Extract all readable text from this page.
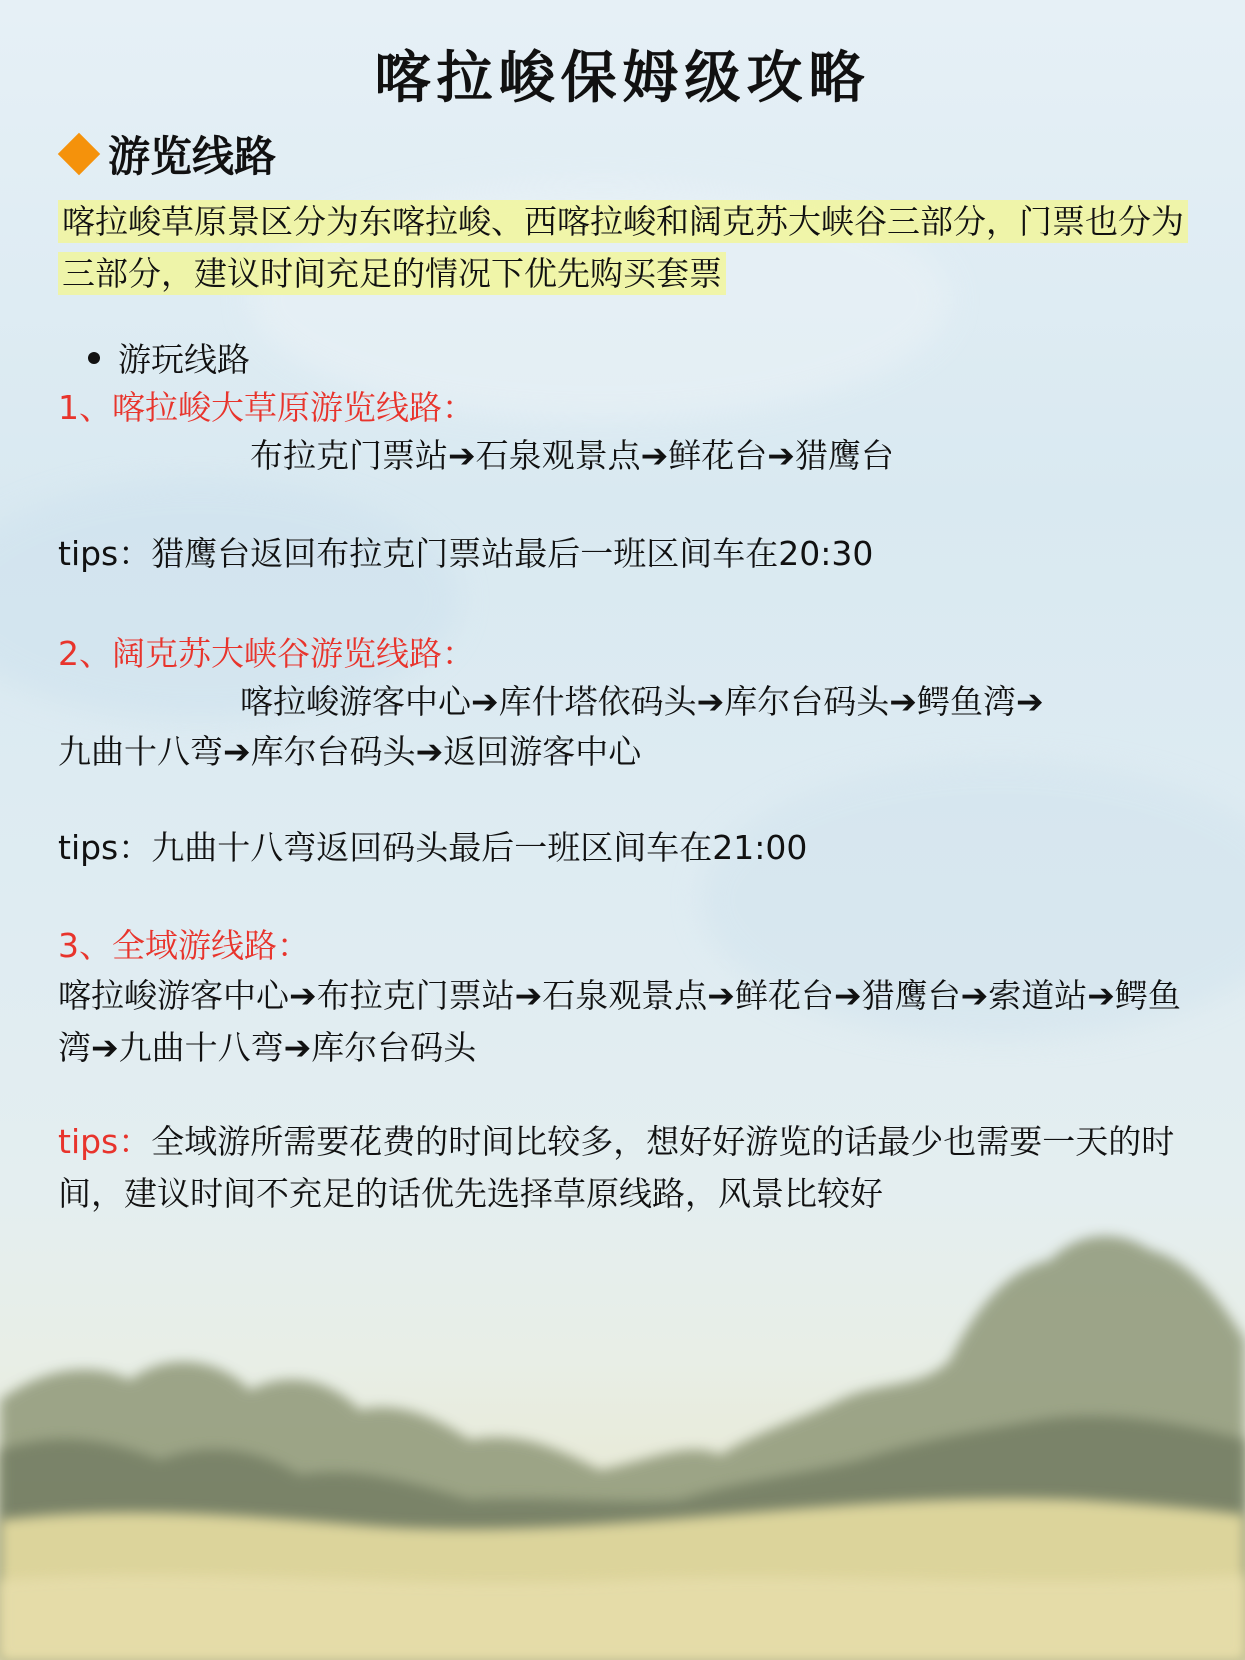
喀拉峻保姆级攻略
游览线路
喀拉峻草原景区分为东喀拉峻、西喀拉峻和阔克苏大峡谷三部分，门票也分为三部分，建议时间充足的情况下优先购买套票
游玩线路
1、喀拉峻大草原游览线路：
布拉克门票站➔石泉观景点➔鲜花台➔猎鹰台
tips：猎鹰台返回布拉克门票站最后一班区间车在20:30
2、阔克苏大峡谷游览线路：
喀拉峻游客中心➔库什塔依码头➔库尔台码头➔鳄鱼湾➔
九曲十八弯➔库尔台码头➔返回游客中心
tips：九曲十八弯返回码头最后一班区间车在21:00
3、全域游线路：
喀拉峻游客中心➔布拉克门票站➔石泉观景点➔鲜花台➔猎鹰台➔索道站➔鳄鱼湾➔九曲十八弯➔库尔台码头
tips：全域游所需要花费的时间比较多，想好好游览的话最少也需要一天的时间，建议时间不充足的话优先选择草原线路，风景比较好
